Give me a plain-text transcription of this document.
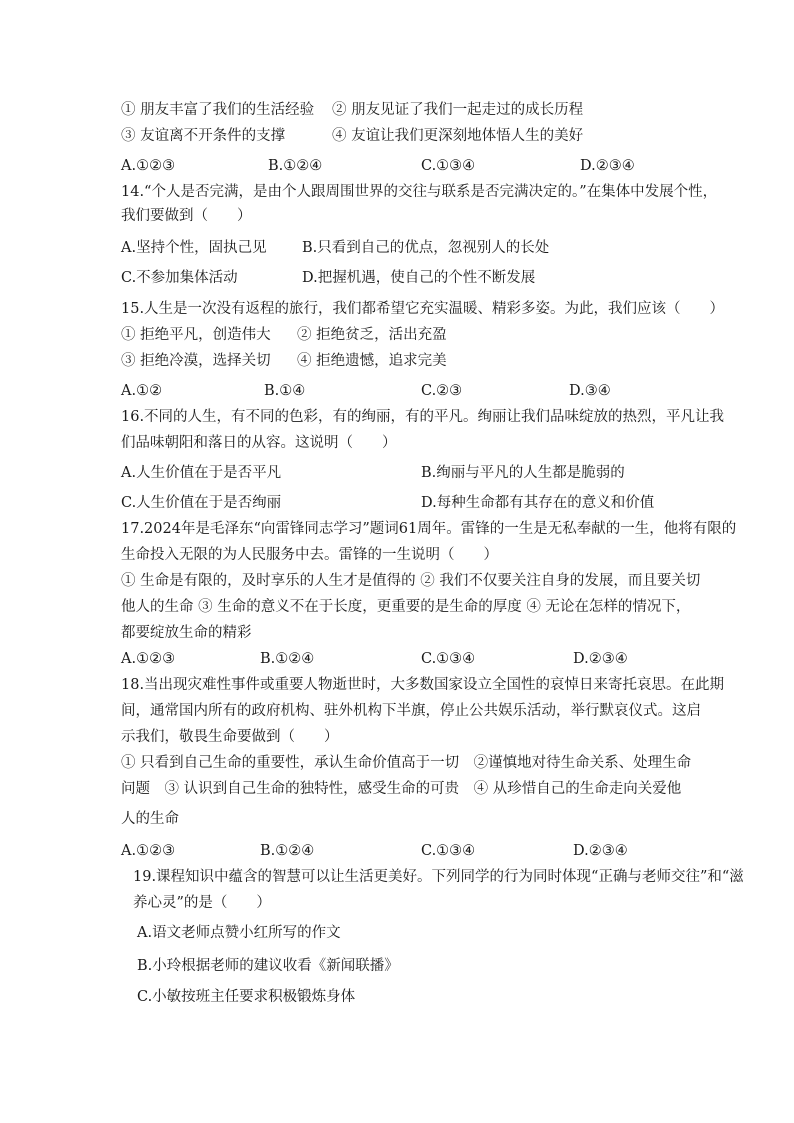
① 朋友丰富了我们的生活经验 ② 朋友见证了我们一起走过的成长历程
③ 友谊离不开条件的支撑	④ 友谊让我们更深刻地体悟人生的美好
A.①②③	B.①②④	C.①③④	D.②③④
14.“个人是否完满，是由个人跟周围世界的交往与联系是否完满决定的。”在集体中发展个性，
我们要做到（　　）
A.坚持个性，固执己见 B.只看到自己的优点，忽视别人的长处
C.不参加集体活动	D.把握机遇，使自己的个性不断发展
15.人生是一次没有返程的旅行，我们都希望它充实温暖、精彩多姿。为此，我们应该（　　）
① 拒绝平凡，创造伟大 ② 拒绝贫乏，活出充盈
③ 拒绝冷漠，选择关切 ④ 拒绝遗憾，追求完美
A.①②	B.①④	C.②③	D.③④
16.不同的人生，有不同的色彩，有的绚丽，有的平凡。绚丽让我们品味绽放的热烈，平凡让我
们品味朝阳和落日的从容。这说明（　　）
A.人生价值在于是否平凡	B.绚丽与平凡的人生都是脆弱的
C.人生价值在于是否绚丽	D.每种生命都有其存在的意义和价值
17.2024年是毛泽东“向雷锋同志学习”题词61周年。雷锋的一生是无私奉献的一生，他将有限的
生命投入无限的为人民服务中去。雷锋的一生说明（　　）
① 生命是有限的，及时享乐的人生才是值得的 ② 我们不仅要关注自身的发展，而且要关切
他人的生命 ③ 生命的意义不在于长度，更重要的是生命的厚度 ④ 无论在怎样的情况下，
都要绽放生命的精彩
A.①②③	B.①②④	C.①③④	D.②③④
18.当出现灾难性事件或重要人物逝世时，大多数国家设立全国性的哀悼日来寄托哀思。在此期
间，通常国内所有的政府机构、驻外机构下半旗，停止公共娱乐活动，举行默哀仪式。这启
示我们，敬畏生命要做到（　　）
① 只看到自己生命的重要性，承认生命价值高于一切　②谨慎地对待生命关系、处理生命
问题　③ 认识到自己生命的独特性，感受生命的可贵　④ 从珍惜自己的生命走向关爱他
人的生命
A.①②③	B.①②④	C.①③④	D.②③④
19.课程知识中蕴含的智慧可以让生活更美好。下列同学的行为同时体现“正确与老师交往”和“滋
养心灵”的是（　　）
A.语文老师点赞小红所写的作文
B.小玲根据老师的建议收看《新闻联播》
C.小敏按班主任要求积极锻炼身体
